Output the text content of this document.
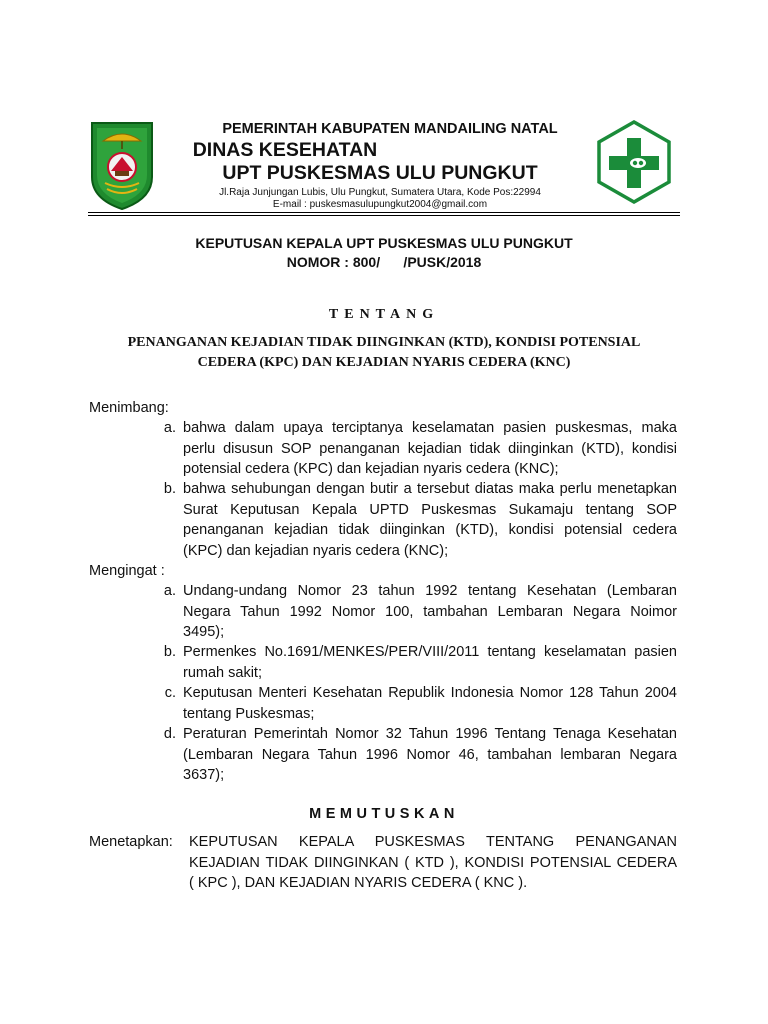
PEMERINTAH KABUPATEN MANDAILING NATAL
DINAS KESEHATAN
UPT PUSKESMAS ULU PUNGKUT
Jl.Raja Junjungan Lubis, Ulu Pungkut, Sumatera Utara, Kode Pos:22994
E-mail : puskesmasulupungkut2004@gmail.com
KEPUTUSAN KEPALA UPT PUSKESMAS ULU PUNGKUT
NOMOR : 800/      /PUSK/2018
TENTANG
PENANGANAN KEJADIAN TIDAK DIINGINKAN (KTD), KONDISI POTENSIAL
CEDERA (KPC) DAN KEJADIAN NYARIS CEDERA (KNC)
Menimbang:
a. bahwa dalam upaya terciptanya keselamatan pasien puskesmas, maka
perlu disusun SOP penanganan kejadian tidak diinginkan (KTD), kondisi
potensial cedera (KPC) dan kejadian nyaris cedera (KNC);
b. bahwa sehubungan dengan butir a tersebut diatas maka perlu menetapkan
Surat Keputusan Kepala UPTD Puskesmas Sukamaju tentang SOP
penanganan kejadian tidak diinginkan (KTD), kondisi potensial cedera
(KPC) dan kejadian nyaris cedera (KNC);
Mengingat :
a. Undang-undang Nomor 23 tahun 1992 tentang Kesehatan (Lembaran
Negara Tahun 1992 Nomor 100, tambahan Lembaran Negara Noimor
3495);
b. Permenkes No.1691/MENKES/PER/VIII/2011 tentang keselamatan pasien
rumah sakit;
c. Keputusan Menteri Kesehatan Republik Indonesia Nomor 128 Tahun 2004
tentang Puskesmas;
d. Peraturan Pemerintah Nomor 32 Tahun 1996 Tentang Tenaga Kesehatan
(Lembaran Negara Tahun 1996 Nomor 46, tambahan lembaran Negara
3637);
MEMUTUSKAN
Menetapkan: KEPUTUSAN KEPALA PUSKESMAS TENTANG PENANGANAN
KEJADIAN TIDAK DIINGINKAN ( KTD ), KONDISI POTENSIAL CEDERA
( KPC ), DAN KEJADIAN NYARIS CEDERA ( KNC ).
